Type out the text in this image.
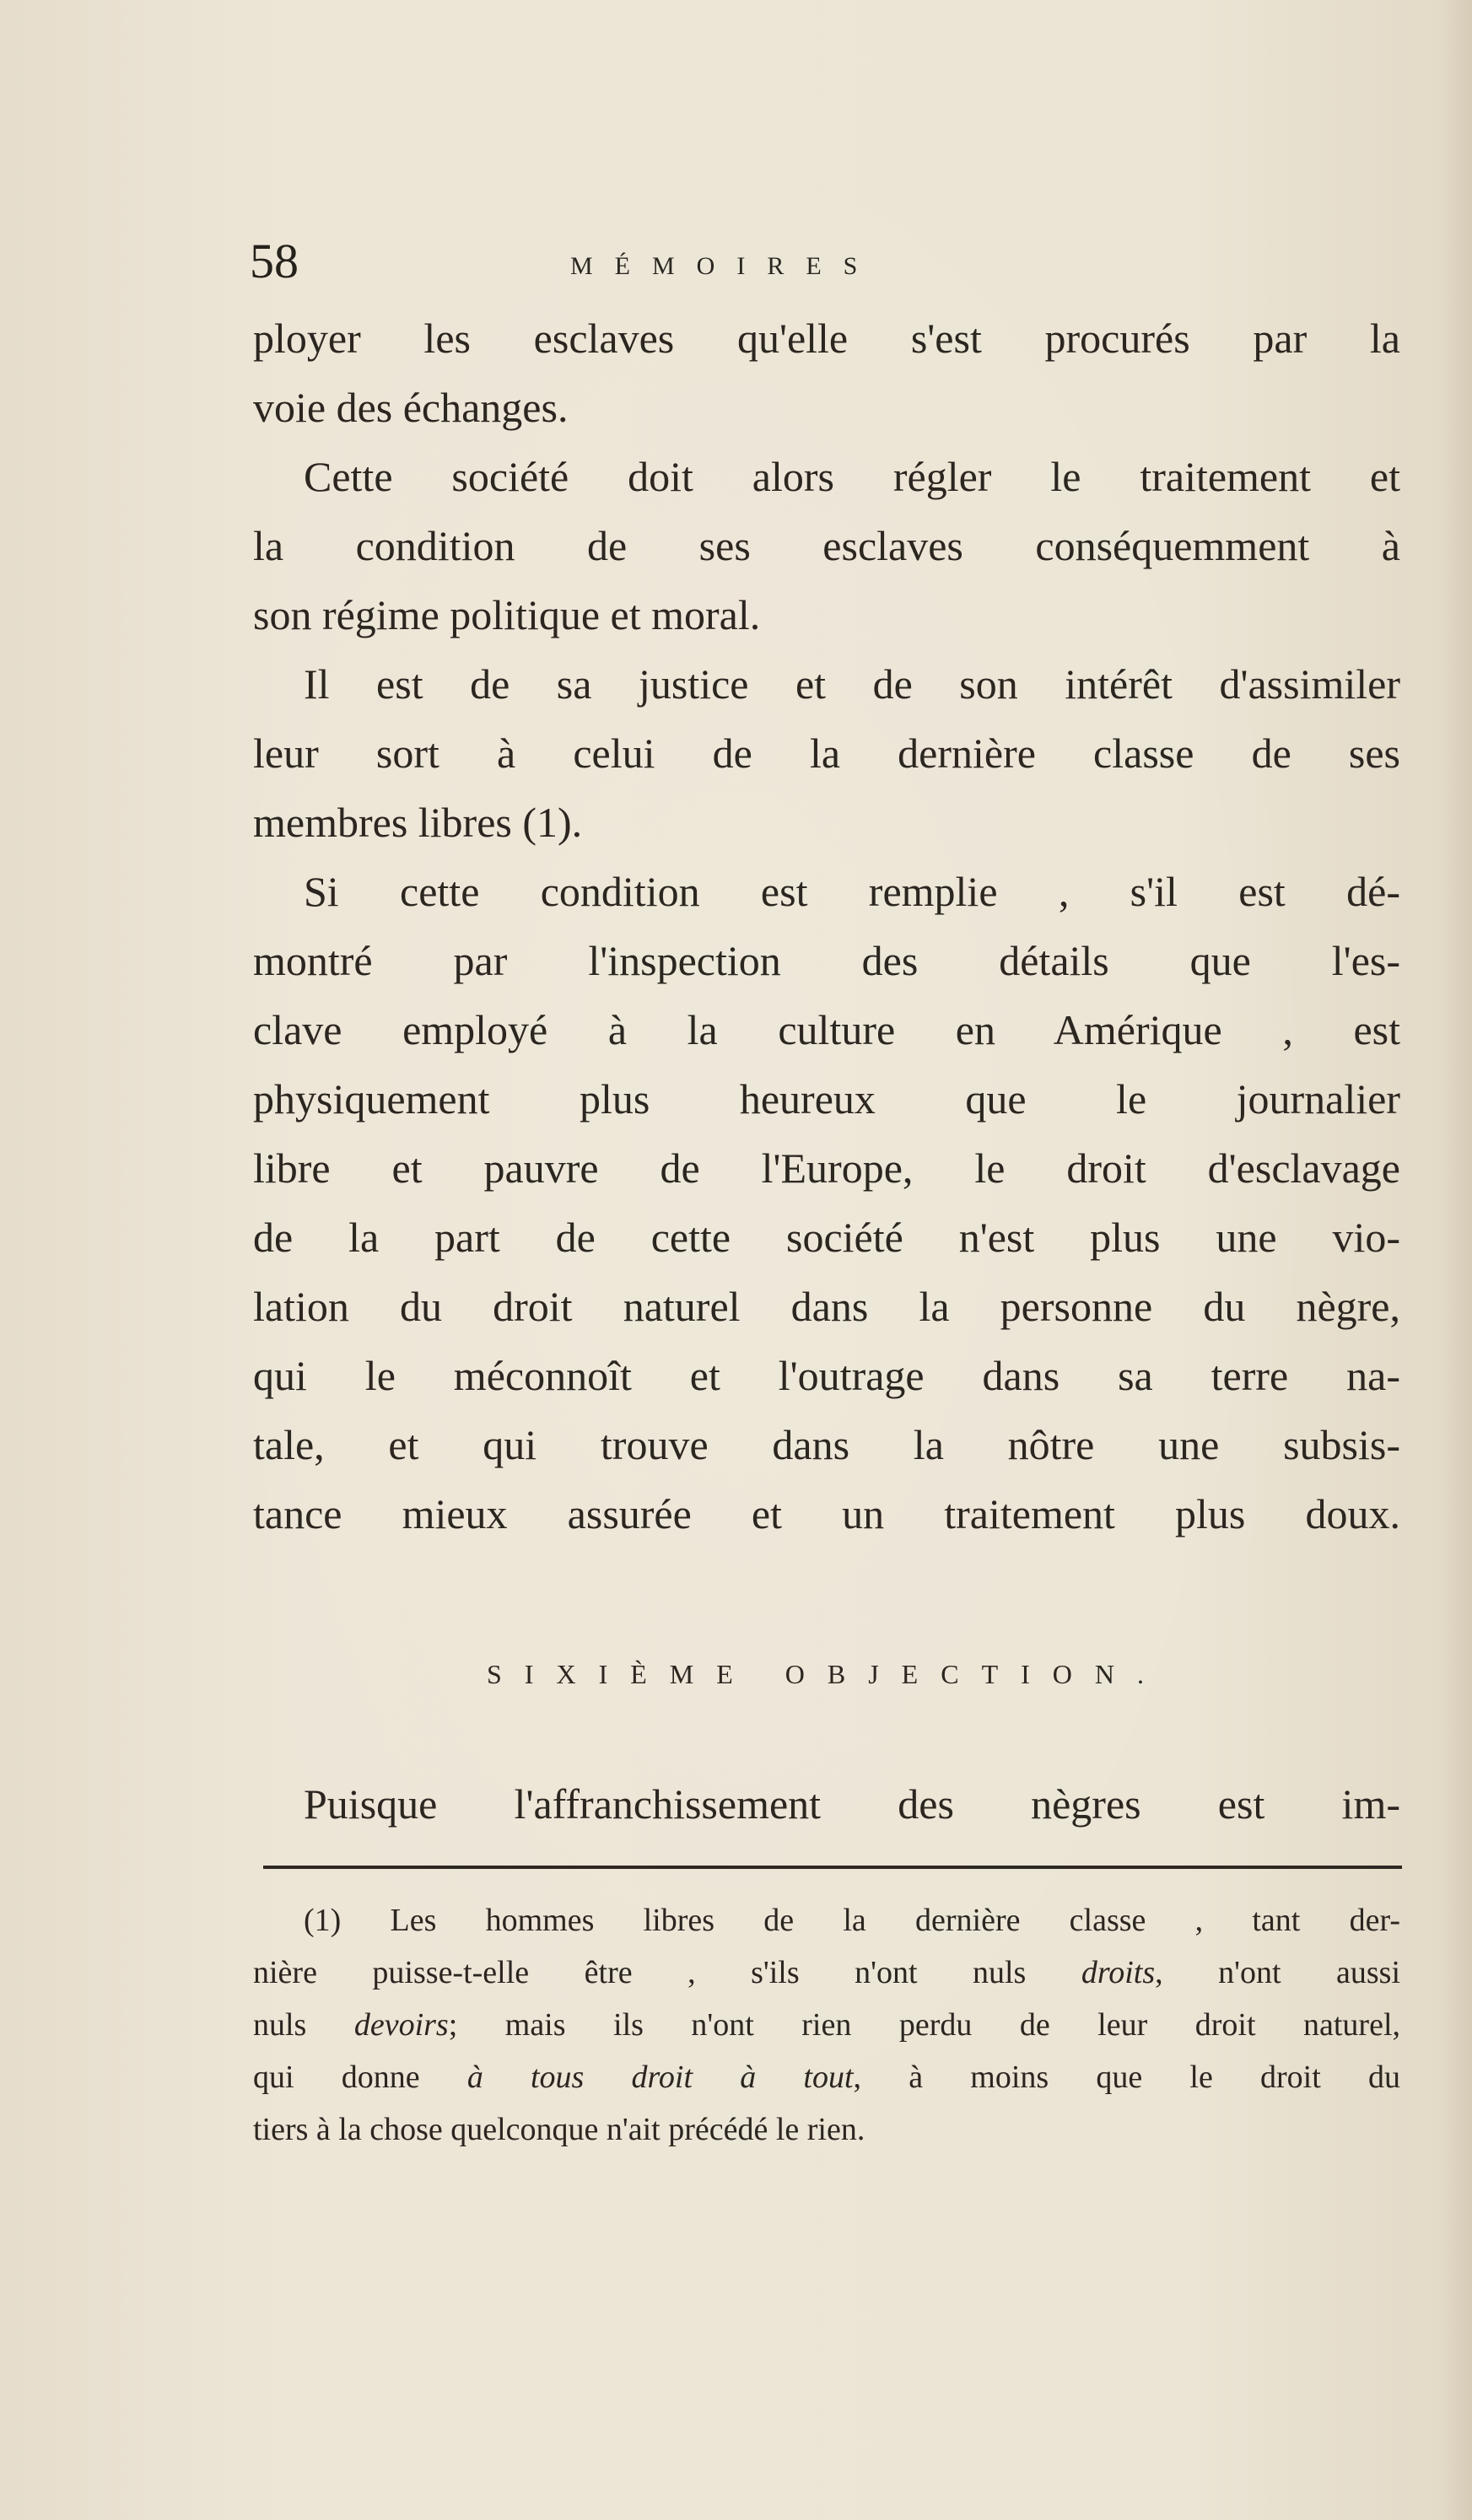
58	MÉMOIRES
ployer les esclaves qu'elle s'est procurés par la
voie des échanges.
Cette société doit alors régler le traitement et
la condition de ses esclaves conséquemment à
son régime politique et moral.
Il est de sa justice et de son intérêt d'assimiler
leur sort à celui de la dernière classe de ses
membres libres (1).
Si cette condition est remplie , s'il est dé-
montré par l'inspection des détails que l'es-
clave employé à la culture en Amérique , est
physiquement plus heureux que le journalier
libre et pauvre de l'Europe, le droit d'esclavage
de la part de cette société n'est plus une vio-
lation du droit naturel dans la personne du nègre,
qui le méconnoît et l'outrage dans sa terre na-
tale, et qui trouve dans la nôtre une subsis-
tance mieux assurée et un traitement plus doux.
SIXIÈME OBJECTION.
Puisque l'affranchissement des nègres est im-
(1) Les hommes libres de la dernière classe , tant der-
nière puisse-t-elle être , s'ils n'ont nuls droits, n'ont aussi
nuls devoirs; mais ils n'ont rien perdu de leur droit naturel,
qui donne à tous droit à tout, à moins que le droit du
tiers à la chose quelconque n'ait précédé le rien.
